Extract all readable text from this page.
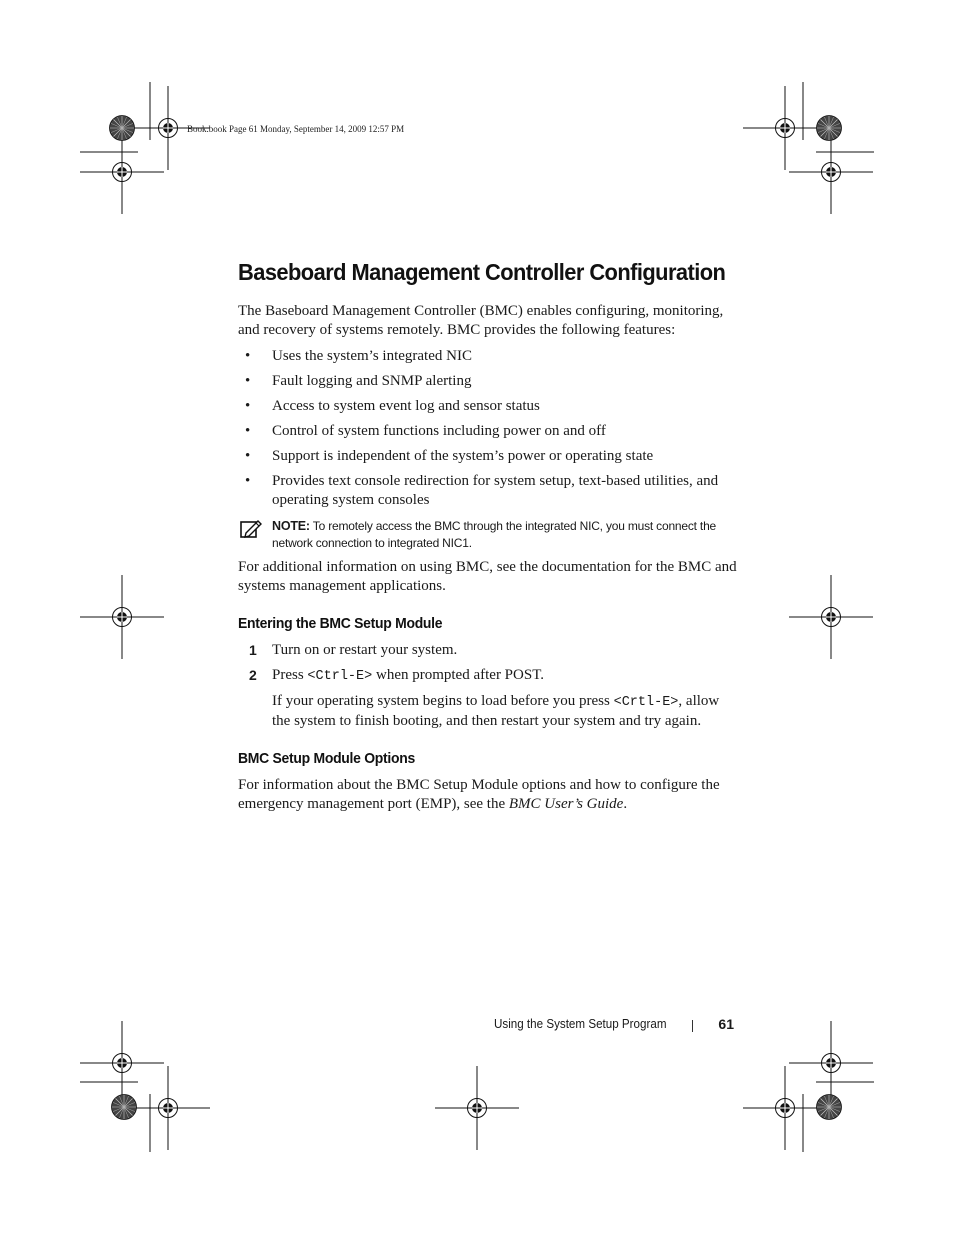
Book.book Page 61 Monday, September 14, 2009 12:57 PM
Baseboard Management Controller Configuration

The Baseboard Management Controller (BMC) enables configuring, monitoring, and recovery of systems remotely. BMC provides the following features:

• Uses the system’s integrated NIC
• Fault logging and SNMP alerting
• Access to system event log and sensor status
• Control of system functions including power on and off
• Support is independent of the system’s power or operating state
• Provides text console redirection for system setup, text-based utilities, and operating system consoles
NOTE: To remotely access the BMC through the integrated NIC, you must connect the network connection to integrated NIC1.

For additional information on using BMC, see the documentation for the BMC and systems management applications.

Entering the BMC Setup Module
1 Turn on or restart your system.
2 Press <Ctrl-E> when prompted after POST.

If your operating system begins to load before you press <Crtl-E>, allow the system to finish booting, and then restart your system and try again.

BMC Setup Module Options

For information about the BMC Setup Module options and how to configure the emergency management port (EMP), see the BMC User’s Guide.

Using the System Setup Program	61
